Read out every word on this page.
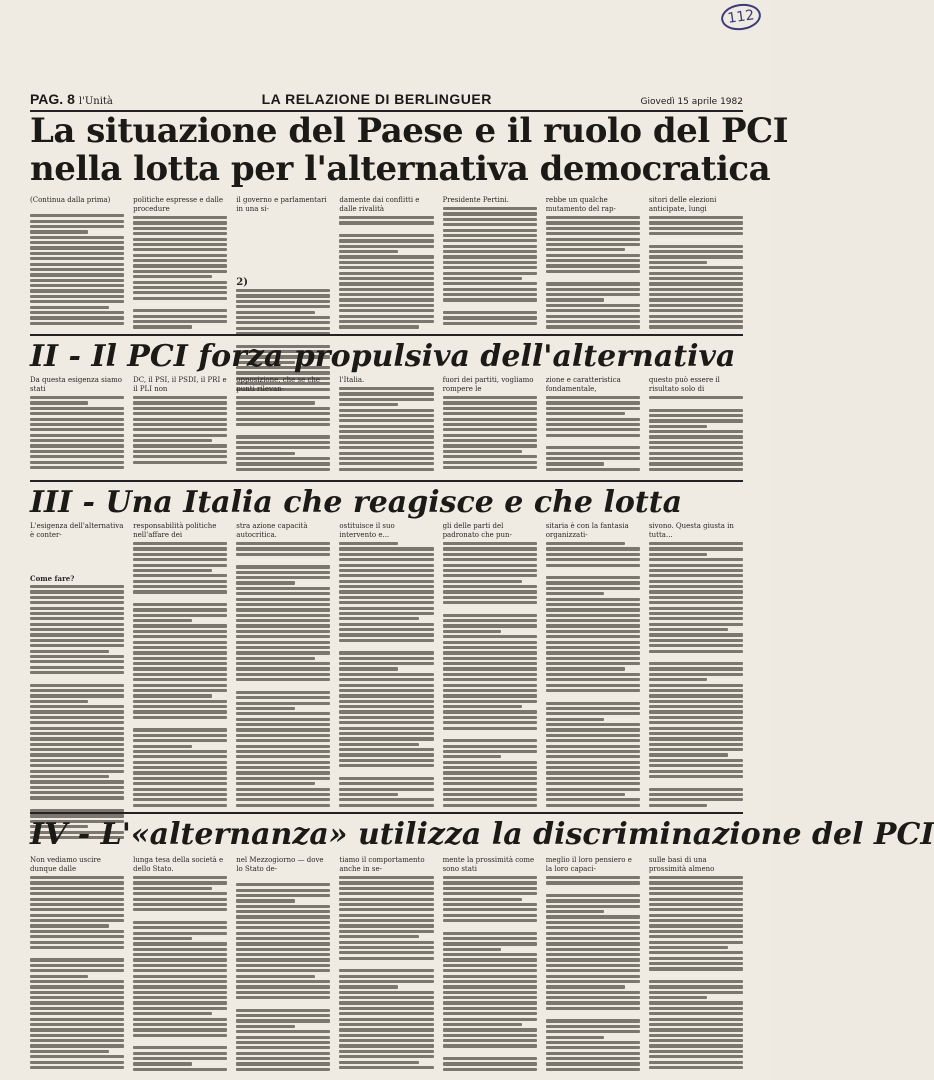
112
PAG. 8 l'Unità	LA RELAZIONE DI BERLINGUER	Giovedì 15 aprile 1982
La situazione del Paese e il ruolo del PCI
nella lotta per l'alternativa democratica
(Continua dalla prima)	politiche espresse e dalle procedure
il governo e parlamentari in una si-
2)
damente dai conflitti e dalle rivalità
Presidente Pertini.	rebbe un qualche mutamento del rap-
sitori delle elezioni anticipate, lungi
II - Il PCI forza propulsiva dell'alternativa
Da questa esigenza siamo stati
DC, il PSI, il PSDI, il PRI e il PLI non
opposizione, che se che punti rilevan-
l'Italia.	fuori dei partiti, vogliamo rompere le
zione e caratteristica fondamentale,
questo può essere il risultato solo di
III - Una Italia che reagisce e che lotta
L'esigenza dell'alternativa è conter-
Come fare?
responsabilità politiche nell'affare dei
stra azione capacità autocritica.
ostituisce il suo intervento e...
gli delle parti del padronato che pun-
sitaria è con la fantasia organizzati-
sivono. Questa giusta in tutta...
IV - L'«alternanza» utilizza la discriminazione del PCI
Non vediamo uscire dunque dalle
lunga tesa della società e dello Stato.
nel Mezzogiorno — dove lo Stato de-
tiamo il comportamento anche in se-
mente la prossimità come sono stati
meglio il loro pensiero e la loro capaci-
sulle basi di una prossimità almeno
